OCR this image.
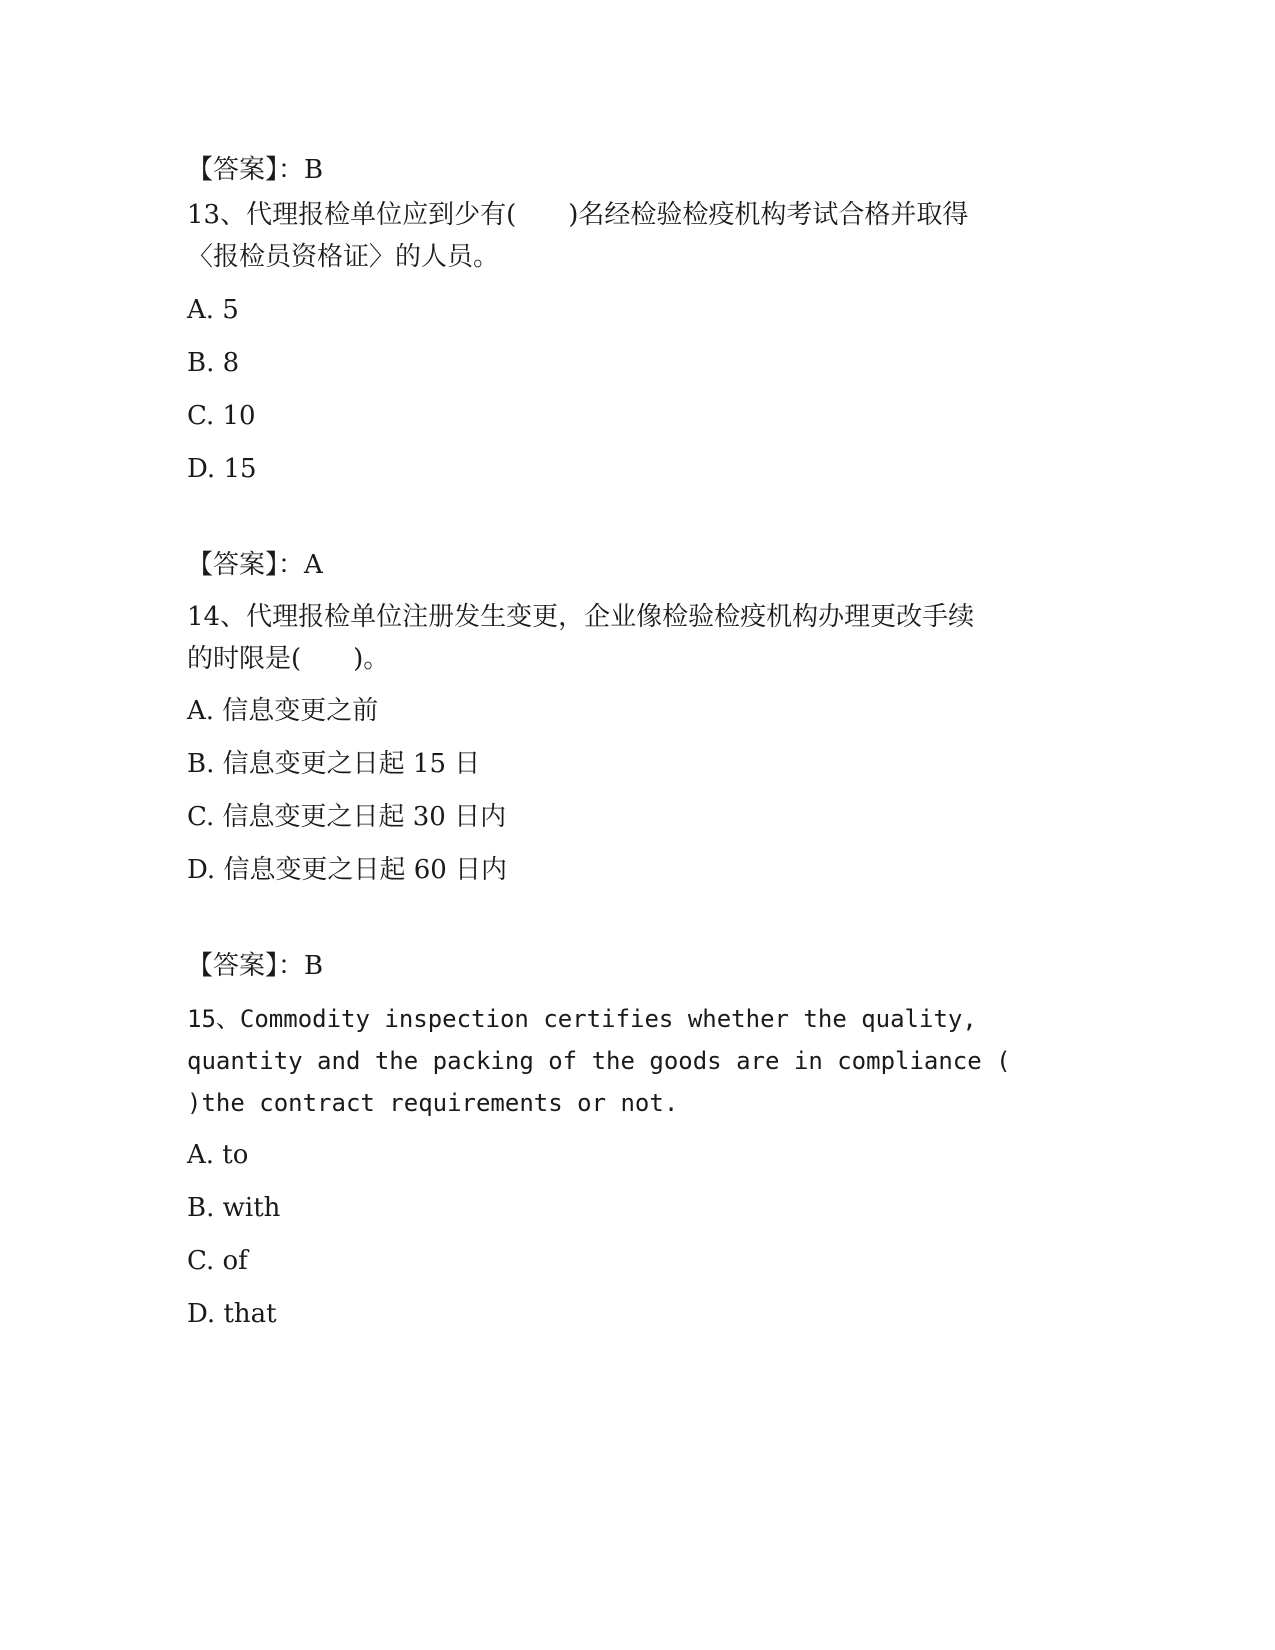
【答案】：B
13、代理报检单位应到少有(　　)名经检验检疫机构考试合格并取得
〈报检员资格证〉的人员。
A. 5
B. 8
C. 10
D. 15
【答案】：A
14、代理报检单位注册发生变更，企业像检验检疫机构办理更改手续
的时限是(　　)。
A. 信息变更之前
B. 信息变更之日起 15 日
C. 信息变更之日起 30 日内
D. 信息变更之日起 60 日内
【答案】：B
15、Commodity inspection certifies whether the quality,
quantity and the packing of the goods are in compliance (
)the contract requirements or not.
A. to
B. with
C. of
D. that
